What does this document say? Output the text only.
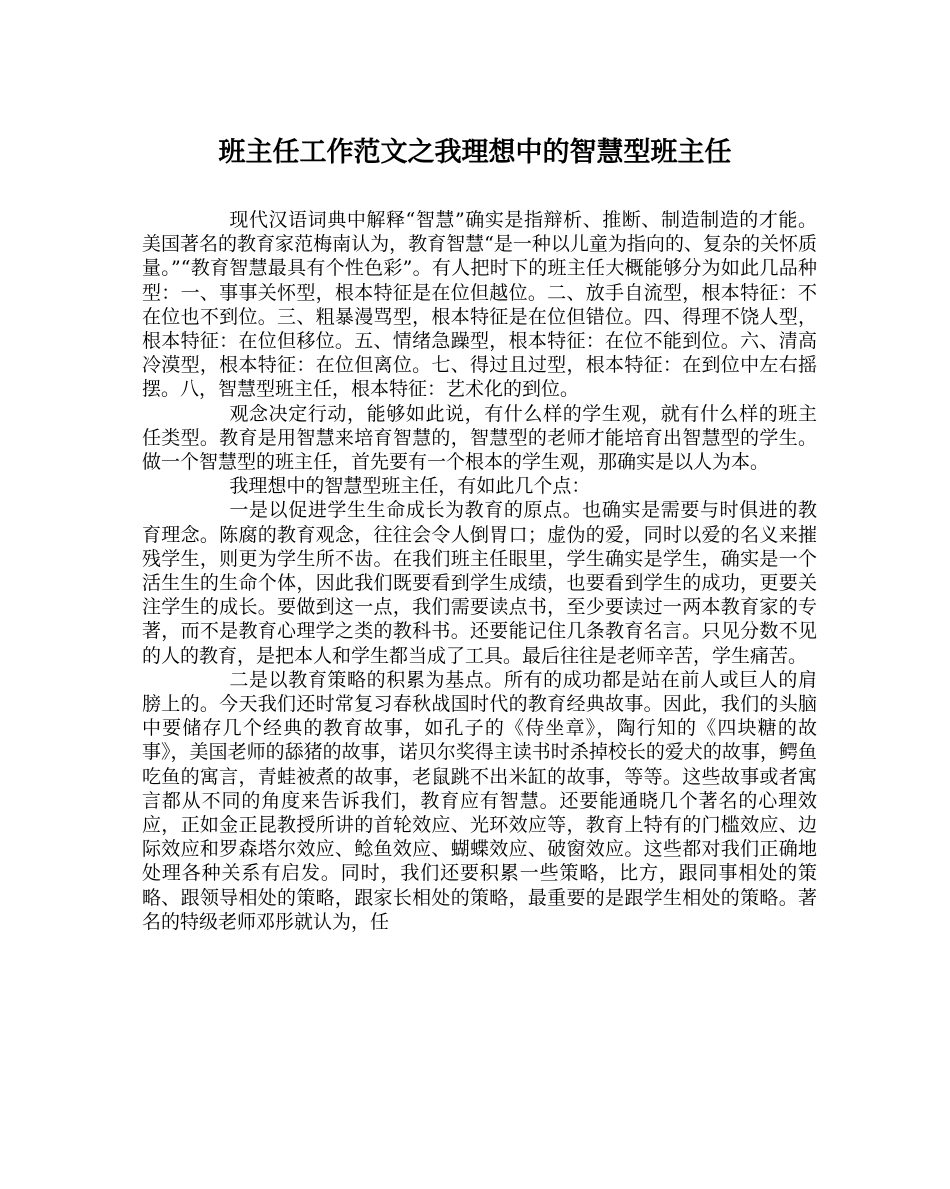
班主任工作范文之我理想中的智慧型班主任

现代汉语词典中解释“智慧”确实是指辩析、推断、制造制造的才能。美国著名的教育家范梅南认为，教育智慧“是一种以儿童为指向的、复杂的关怀质量。”“教育智慧最具有个性色彩”。有人把时下的班主任大概能够分为如此几品种型：一、事事关怀型，根本特征是在位但越位。二、放手自流型，根本特征：不在位也不到位。三、粗暴漫骂型，根本特征是在位但错位。四、得理不饶人型，根本特征：在位但移位。五、情绪急躁型，根本特征：在位不能到位。六、清高冷漠型，根本特征：在位但离位。七、得过且过型，根本特征：在到位中左右摇摆。八，智慧型班主任，根本特征：艺术化的到位。

观念决定行动，能够如此说，有什么样的学生观，就有什么样的班主任类型。教育是用智慧来培育智慧的，智慧型的老师才能培育出智慧型的学生。做一个智慧型的班主任，首先要有一个根本的学生观，那确实是以人为本。

我理想中的智慧型班主任，有如此几个点：

一是以促进学生生命成长为教育的原点。也确实是需要与时俱进的教育理念。陈腐的教育观念，往往会令人倒胃口；虚伪的爱，同时以爱的名义来摧残学生，则更为学生所不齿。在我们班主任眼里，学生确实是学生，确实是一个活生生的生命个体，因此我们既要看到学生成绩，也要看到学生的成功，更要关注学生的成长。要做到这一点，我们需要读点书，至少要读过一两本教育家的专著，而不是教育心理学之类的教科书。还要能记住几条教育名言。只见分数不见的人的教育，是把本人和学生都当成了工具。最后往往是老师辛苦，学生痛苦。

二是以教育策略的积累为基点。所有的成功都是站在前人或巨人的肩膀上的。今天我们还时常复习春秋战国时代的教育经典故事。因此，我们的头脑中要储存几个经典的教育故事，如孔子的《侍坐章》，陶行知的《四块糖的故事》，美国老师的舔猪的故事，诺贝尔奖得主读书时杀掉校长的爱犬的故事，鳄鱼吃鱼的寓言，青蛙被煮的故事，老鼠跳不出米缸的故事，等等。这些故事或者寓言都从不同的角度来告诉我们，教育应有智慧。还要能通晓几个著名的心理效应，正如金正昆教授所讲的首轮效应、光环效应等，教育上特有的门槛效应、边际效应和罗森塔尔效应、鲶鱼效应、蝴蝶效应、破窗效应。这些都对我们正确地处理各种关系有启发。同时，我们还要积累一些策略，比方，跟同事相处的策略、跟领导相处的策略，跟家长相处的策略，最重要的是跟学生相处的策略。著名的特级老师邓彤就认为，任
